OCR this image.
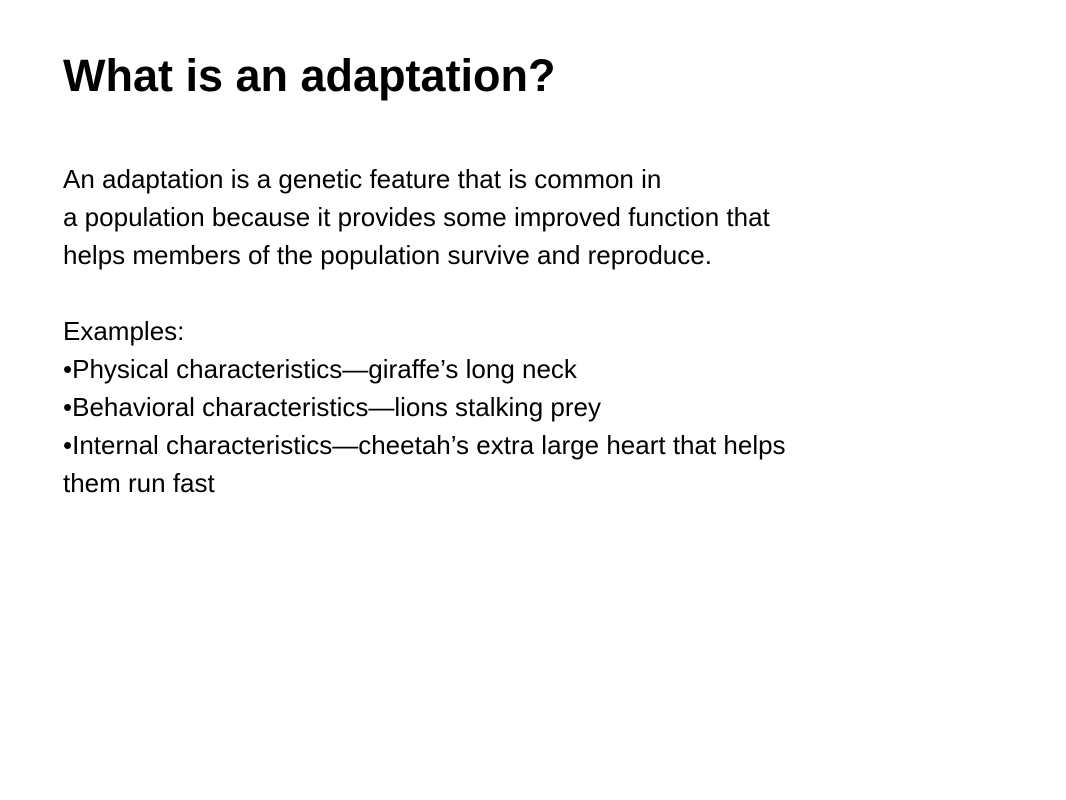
What is an adaptation?
An adaptation is a genetic feature that is common in
a population because it provides some improved function that
helps members of the population survive and reproduce.
Examples:
•Physical characteristics—giraffe’s long neck
•Behavioral characteristics—lions stalking prey
•Internal characteristics—cheetah’s extra large heart that helps
them run fast
